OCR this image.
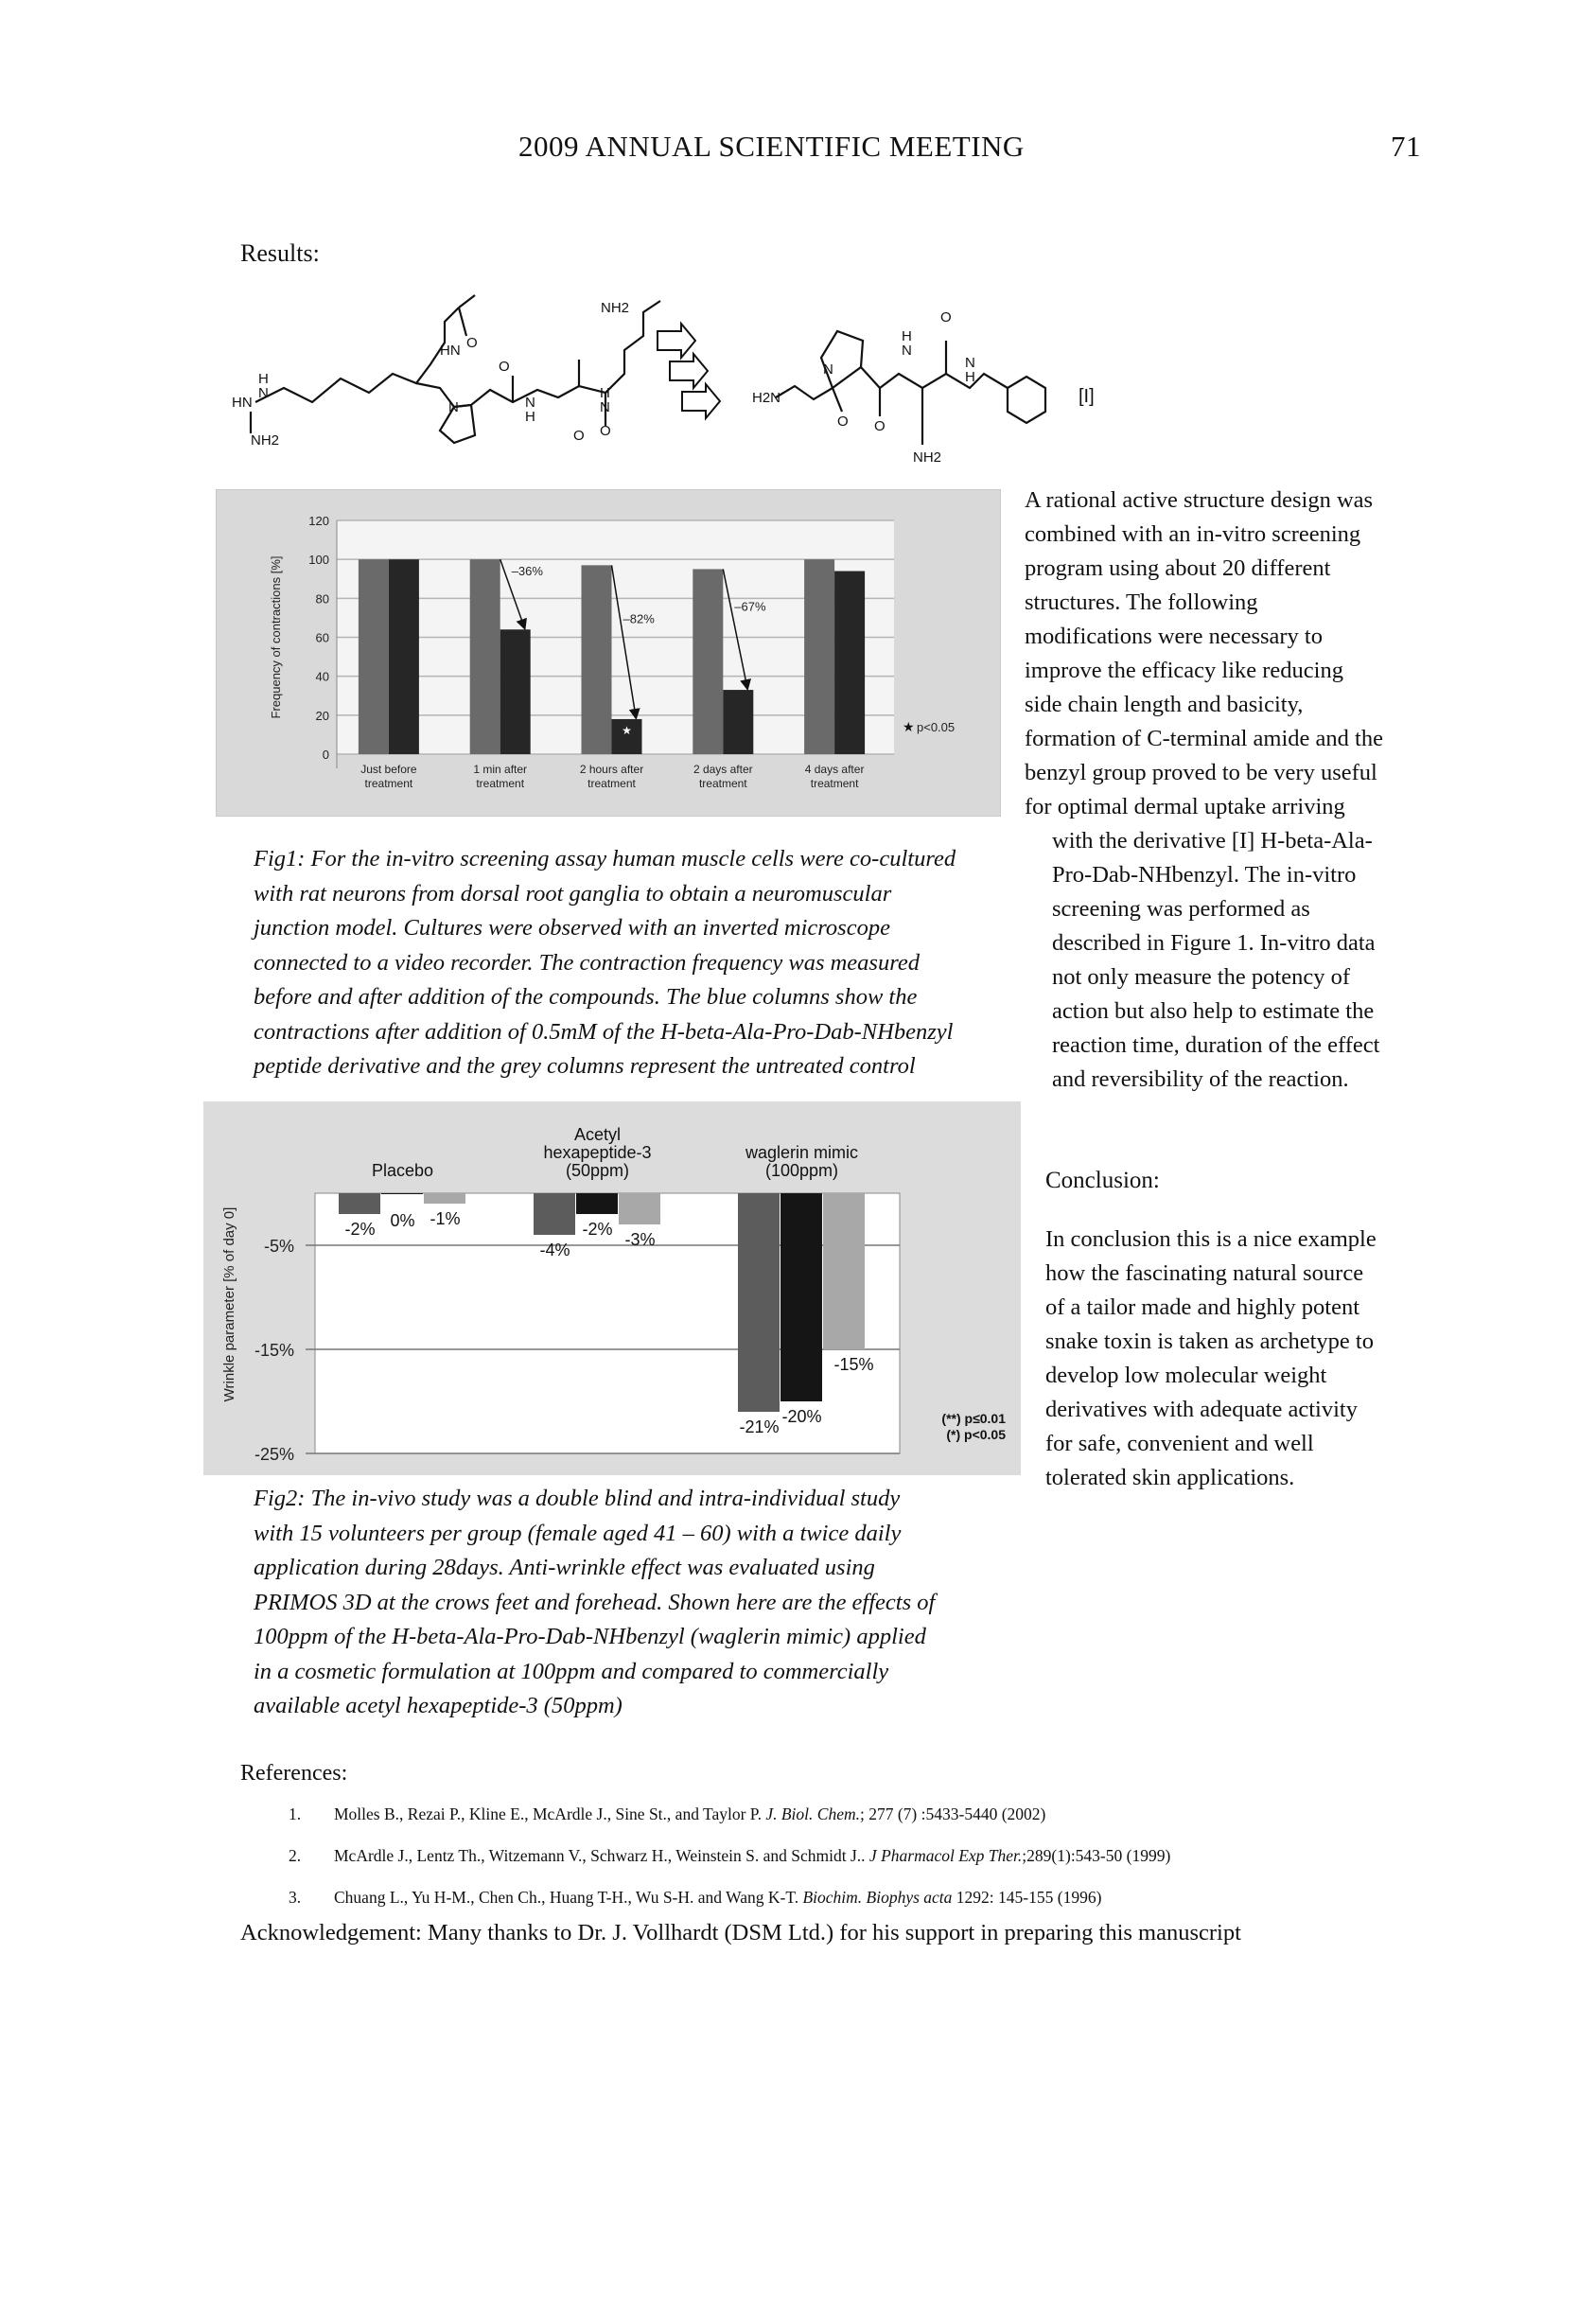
2009 ANNUAL SCIENTIFIC MEETING	71
Results:
HN
H
N
NH2
HN O
O
N
H
N
O
NH2
H
N
O
H2N
N
O
H
N
O
O
N
H
NH2
[I]
0
20
40
60
80
100
120
Frequency of contractions [%]
Just before
treatment
1 min after
treatment
2 hours after
treatment
2 days after
treatment
4 days after
treatment
–36%
–82%
–67%
★	★ p<0.05
A rational active structure design was
combined with an in-vitro screening
program using about 20 different
structures. The following
modifications were necessary to
improve the efficacy like reducing
side chain length and basicity,
formation of C-terminal amide and the
benzyl group proved to be very useful
for optimal dermal uptake arriving
with the derivative [I] H-beta-Ala-
Pro-Dab-NHbenzyl. The in-vitro
screening was performed as
described in Figure 1. In-vitro data
not only measure the potency of
action but also help to estimate the
reaction time, duration of the effect
and reversibility of the reaction.
Fig1: For the in-vitro screening assay human muscle cells were co-cultured
with rat neurons from dorsal root ganglia to obtain a neuromuscular
junction model. Cultures were observed with an inverted microscope
connected to a video recorder. The contraction frequency was measured
before and after addition of the compounds. The blue columns show the
contractions after addition of 0.5mM of the H-beta-Ala-Pro-Dab-NHbenzyl
peptide derivative and the grey columns represent the untreated control
-5%
-15%
-25%
Wrinkle parameter [% of day 0]	-2% 0% -1%
Placebo
-4%
-2%
-3%
Acetyl
hexapeptide-3
(50ppm)
-21%
-20%
-15%
waglerin mimic
(100ppm)
(**) p≤0.01
(*) p<0.05
Conclusion:
In conclusion this is a nice example
how the fascinating natural source
of a tailor made and highly potent
snake toxin is taken as archetype to
develop low molecular weight
derivatives with adequate activity
for safe, convenient and well
tolerated skin applications.
Fig2: The in-vivo study was a double blind and intra-individual study
with 15 volunteers per group (female aged 41 – 60) with a twice daily
application during 28days. Anti-wrinkle effect was evaluated using
PRIMOS 3D at the crows feet and forehead. Shown here are the effects of
100ppm of the H-beta-Ala-Pro-Dab-NHbenzyl (waglerin mimic) applied
in a cosmetic formulation at 100ppm and compared to commercially
available acetyl hexapeptide-3 (50ppm)
References:
1. Molles B., Rezai P., Kline E., McArdle J., Sine St., and Taylor P. J. Biol. Chem.; 277 (7) :5433-5440 (2002)
2. McArdle J., Lentz Th., Witzemann V., Schwarz H., Weinstein S. and Schmidt J.. J Pharmacol Exp Ther.;289(1):543-50 (1999)
3. Chuang L., Yu H-M., Chen Ch., Huang T-H., Wu S-H. and Wang K-T. Biochim. Biophys acta 1292: 145-155 (1996)
Acknowledgement: Many thanks to Dr. J. Vollhardt (DSM Ltd.) for his support in preparing this manuscript
